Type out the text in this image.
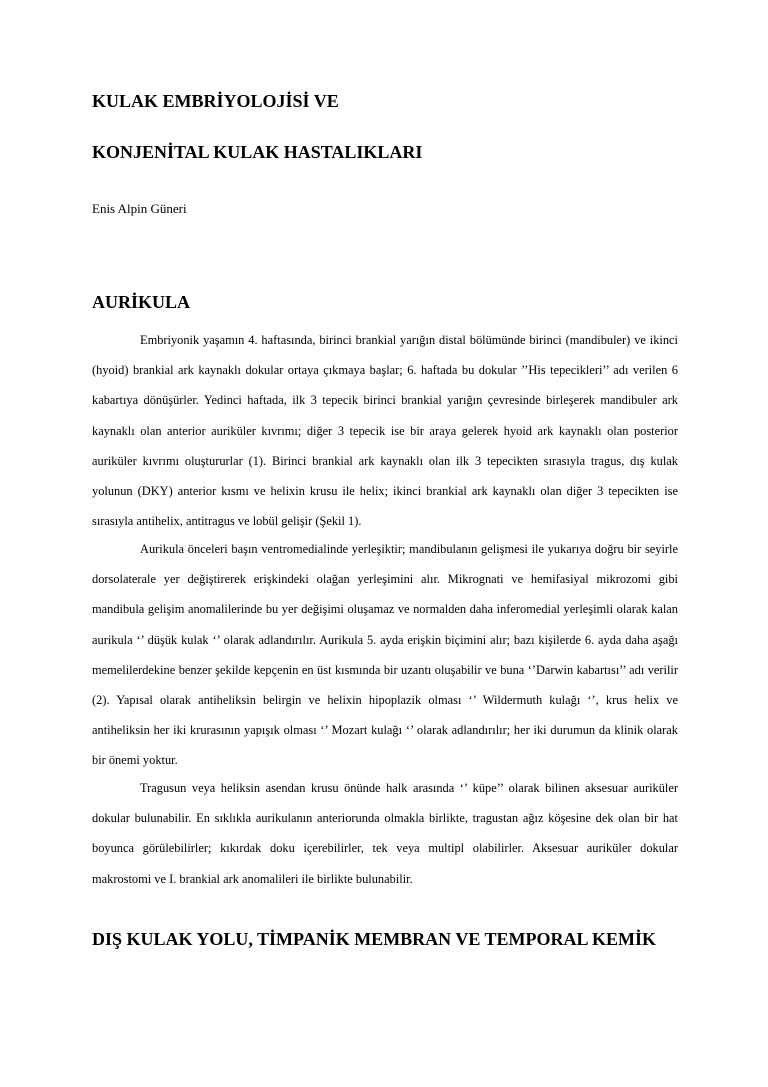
KULAK EMBRİYOLOJİSİ VE
KONJENİTAL KULAK HASTALIKLARI
Enis Alpin Güneri
AURİKULA

Embriyonik yaşamın 4. haftasında, birinci brankial yarığın distal bölümünde birinci (mandibuler) ve ikinci (hyoid) brankial ark kaynaklı dokular ortaya çıkmaya başlar; 6. haftada bu dokular ’’His tepecikleri’’ adı verilen 6 kabartıya dönüşürler. Yedinci haftada, ilk 3 tepecik birinci brankial yarığın çevresinde birleşerek mandibuler ark kaynaklı olan anterior auriküler kıvrımı; diğer 3 tepecik ise bir araya gelerek hyoid ark kaynaklı olan posterior auriküler kıvrımı oluştururlar (1). Birinci brankial ark kaynaklı olan ilk 3 tepecikten sırasıyla tragus, dış kulak yolunun (DKY) anterior kısmı ve helixin krusu ile helix; ikinci brankial ark kaynaklı olan diğer 3 tepecikten ise sırasıyla antihelix, antitragus ve lobül gelişir (Şekil 1).

Aurikula önceleri başın ventromedialinde yerleşiktir; mandibulanın gelişmesi ile yukarıya doğru bir seyirle dorsolaterale yer değiştirerek erişkindeki olağan yerleşimini alır. Mikrognati ve hemifasiyal mikrozomi gibi mandibula gelişim anomalilerinde bu yer değişimi oluşamaz ve normalden daha inferomedial yerleşimli olarak kalan aurikula ‘’ düşük kulak ‘’ olarak adlandırılır. Aurikula 5. ayda erişkin biçimini alır; bazı kişilerde 6. ayda daha aşağı memelilerdekine benzer şekilde kepçenin en üst kısmında bir uzantı oluşabilir ve buna ‘’Darwin kabartısı’’ adı verilir (2). Yapısal olarak antiheliksin belirgin ve helixin hipoplazik olması ‘’ Wildermuth kulağı ‘’, krus helix ve antiheliksin her iki krurasının yapışık olması ‘’ Mozart kulağı ‘’ olarak adlandırılır; her iki durumun da klinik olarak bir önemi yoktur.

Tragusun veya heliksin asendan krusu önünde halk arasında ‘’ küpe’’ olarak bilinen aksesuar auriküler dokular bulunabilir. En sıklıkla aurikulanın anteriorunda olmakla birlikte, tragustan ağız köşesine dek olan bir hat boyunca görülebilirler; kıkırdak doku içerebilirler, tek veya multipl olabilirler. Aksesuar auriküler dokular makrostomi ve I. brankial ark anomalileri ile birlikte bulunabilir.

DIŞ KULAK YOLU, TİMPANİK MEMBRAN VE TEMPORAL KEMİK
